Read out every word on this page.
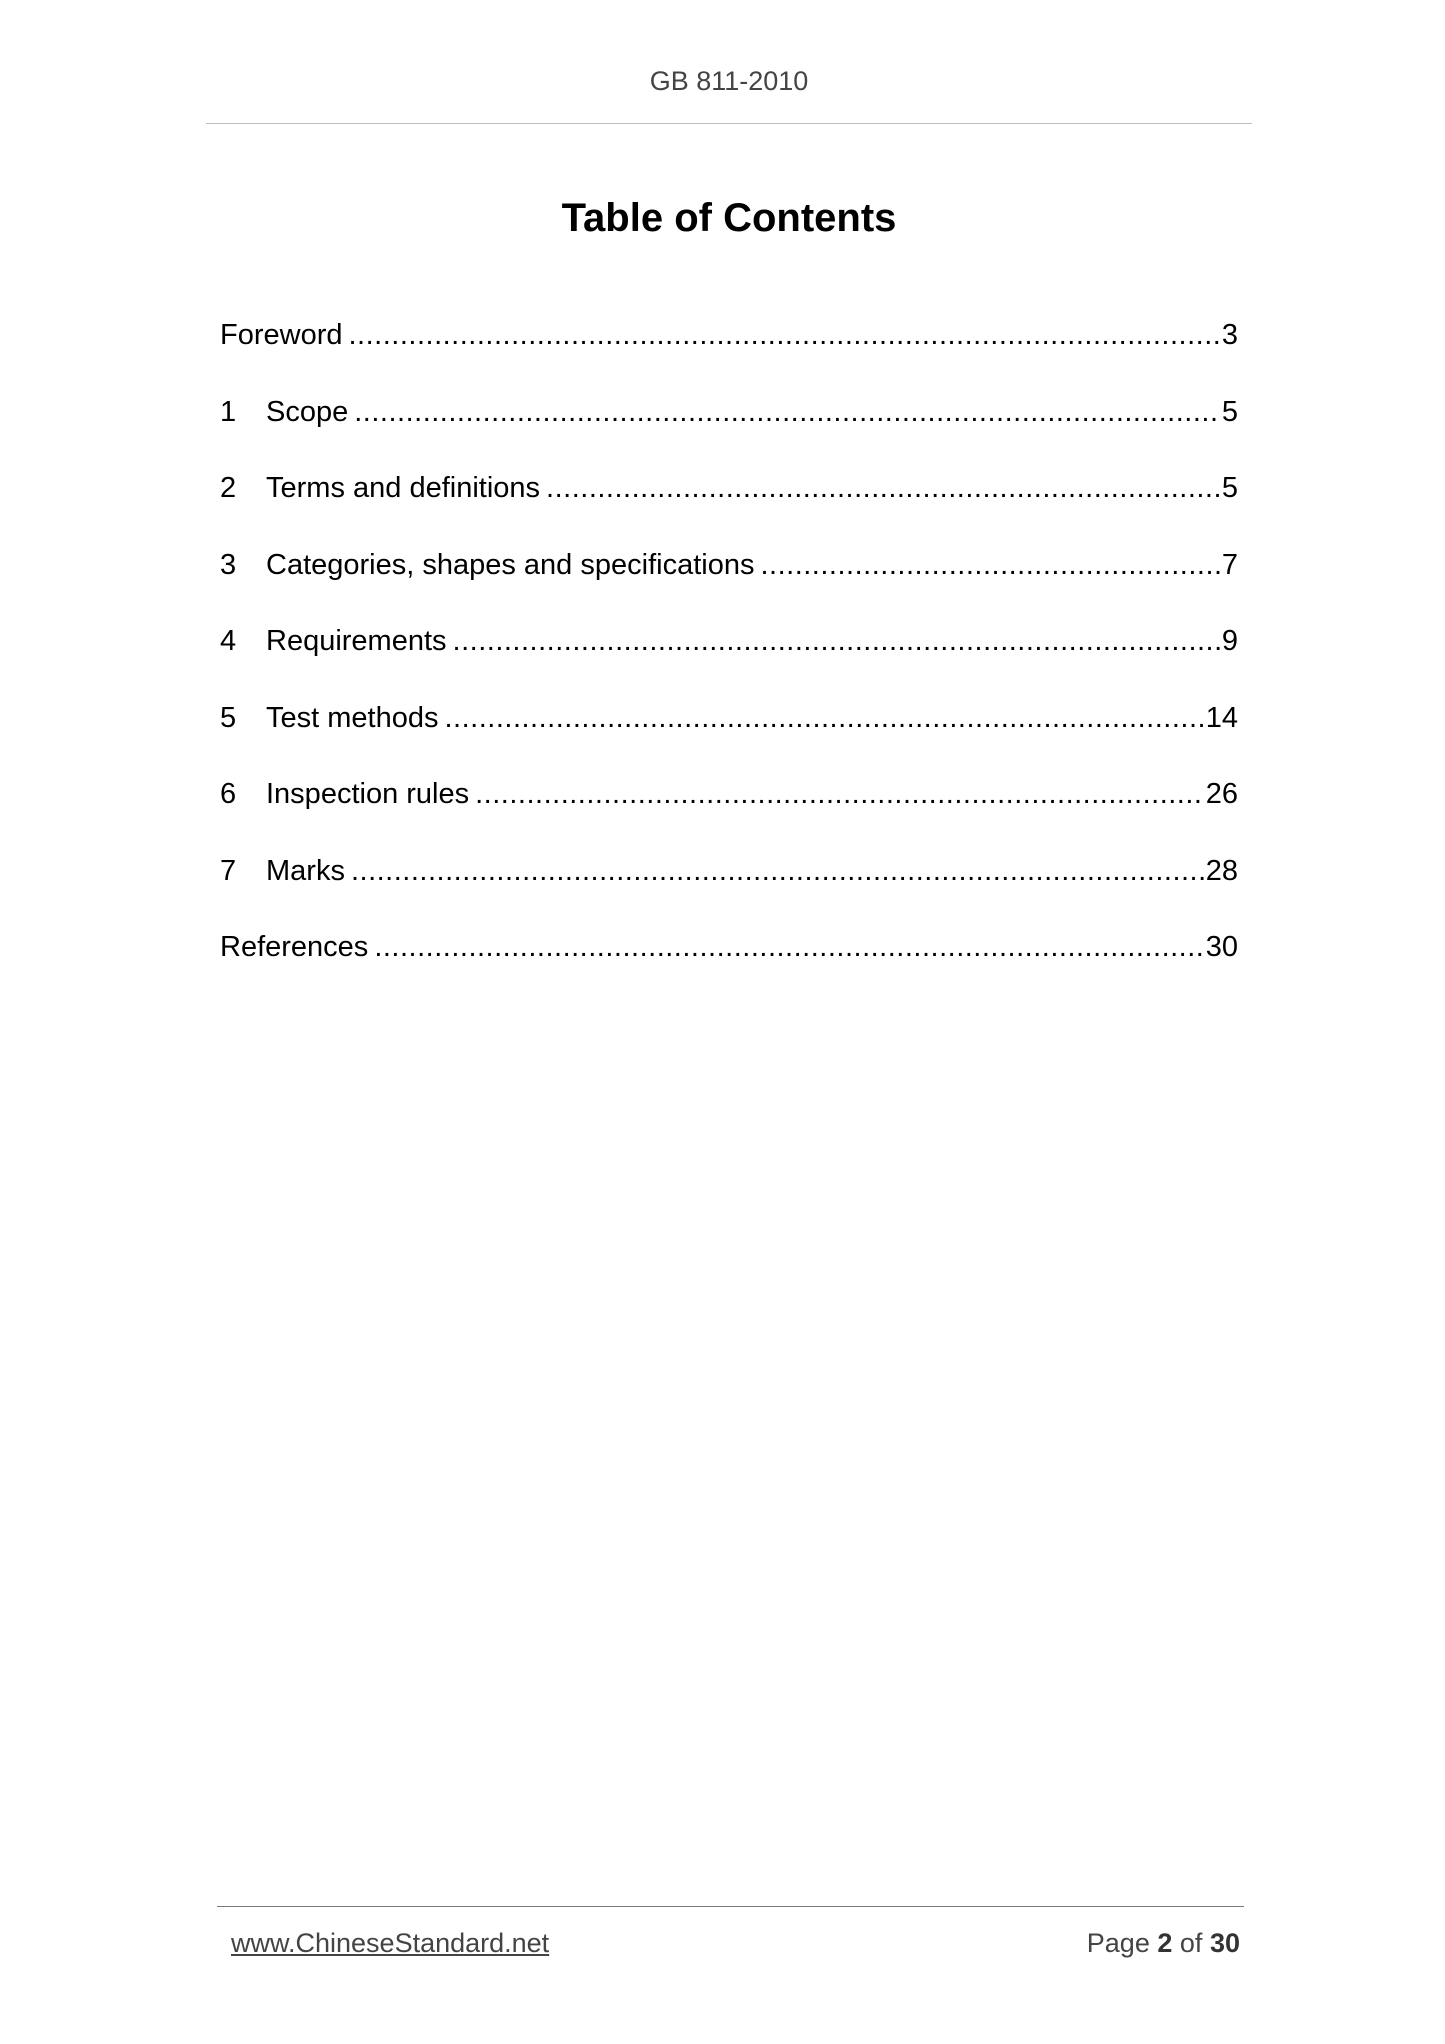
GB 811-2010
Table of Contents
Foreword .....	3
1	Scope .....	5
2	Terms and definitions .....	5
3	Categories, shapes and specifications .....	7
4	Requirements .....	9
5	Test methods .....	14
6	Inspection rules .....	26
7	Marks .....	28
References .....	30
www.ChineseStandard.net	Page 2 of 30
